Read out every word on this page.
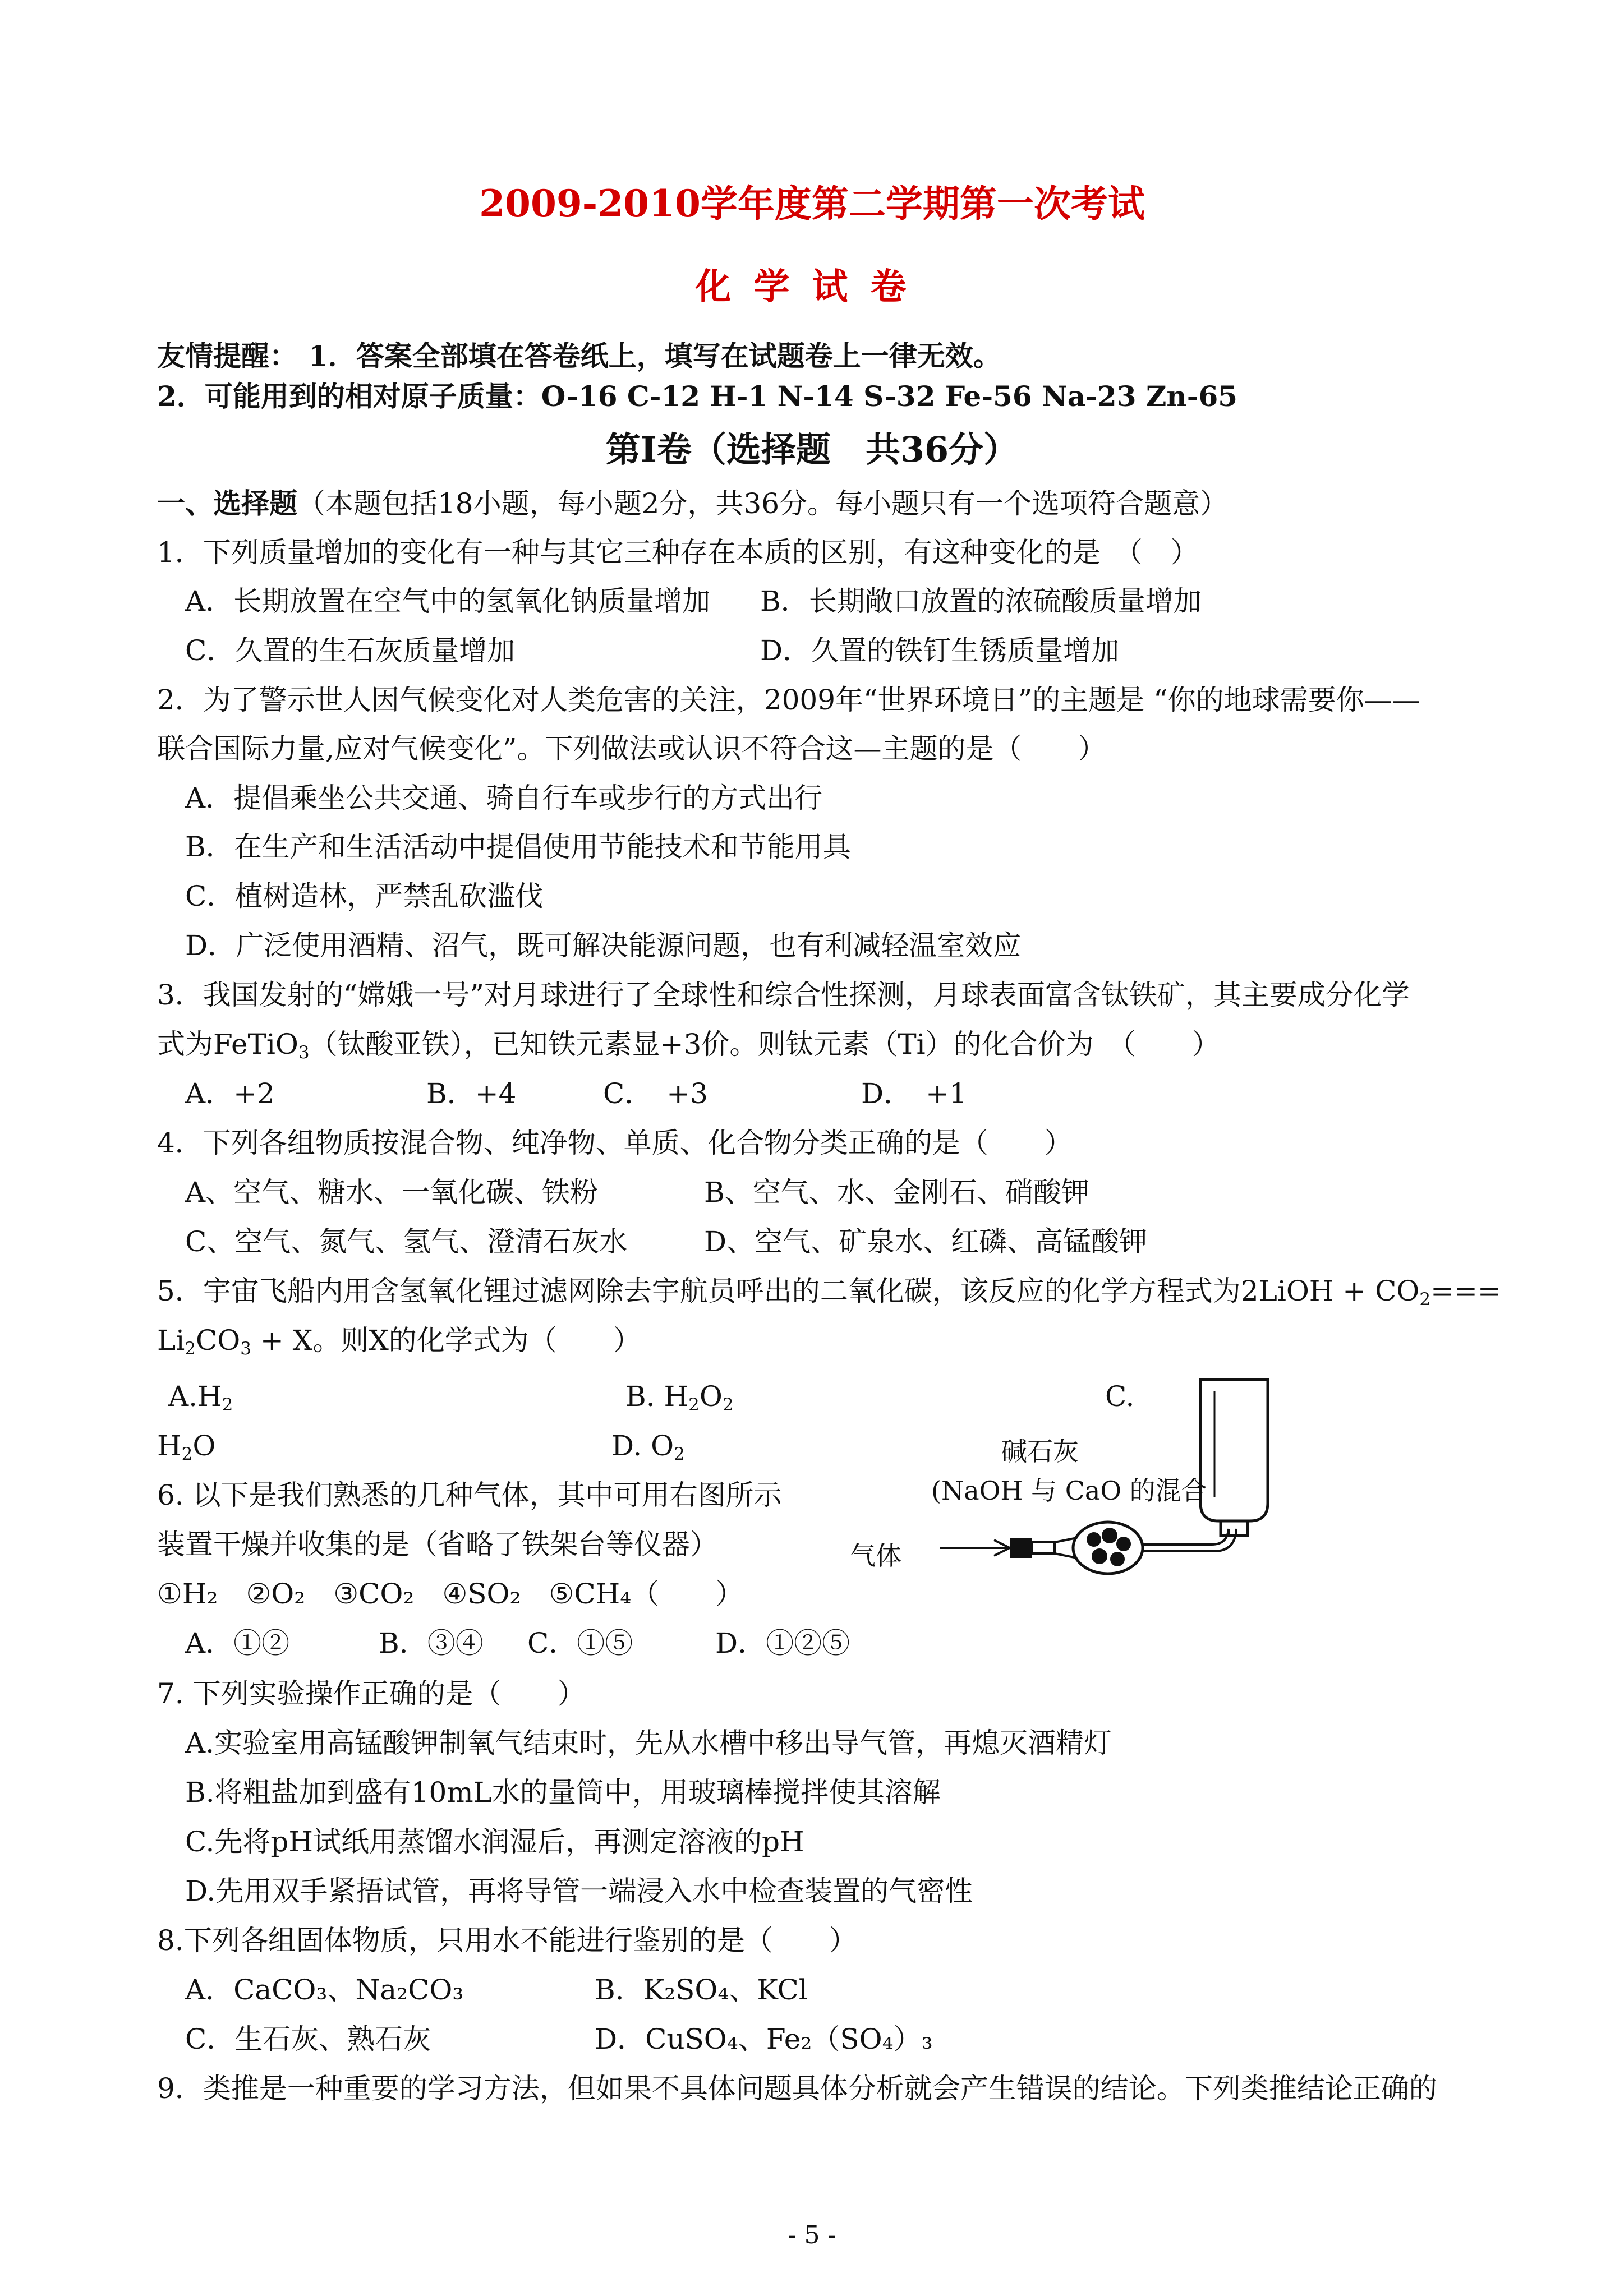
2009-2010学年度第二学期第一次考试
化学试卷
友情提醒： 1．答案全部填在答卷纸上，填写在试题卷上一律无效。
2．可能用到的相对原子质量：O-16 C-12 H-1 N-14 S-32 Fe-56 Na-23 Zn-65
第Ⅰ卷（选择题　共36分）
一、选择题（本题包括18小题，每小题2分，共36分。每小题只有一个选项符合题意）
1．下列质量增加的变化有一种与其它三种存在本质的区别，有这种变化的是　（　）
A．长期放置在空气中的氢氧化钠质量增加 B．长期敞口放置的浓硫酸质量增加
C．久置的生石灰质量增加	D．久置的铁钉生锈质量增加
2．为了警示世人因气候变化对人类危害的关注，2009年“世界环境日”的主题是 “你的地球需要你——
联合国际力量,应对气候变化”。下列做法或认识不符合这—主题的是（　　）
A．提倡乘坐公共交通、骑自行车或步行的方式出行
B．在生产和生活活动中提倡使用节能技术和节能用具
C．植树造林，严禁乱砍滥伐
D．广泛使用酒精、沼气，既可解决能源问题，也有利减轻温室效应
3．我国发射的“嫦娥一号”对月球进行了全球性和综合性探测，月球表面富含钛铁矿，其主要成分化学
式为FeTiO$_3$（钛酸亚铁），已知铁元素显+3价。则钛元素（Ti）的化合价为　（　　）
A．+2	B．+4	C．　+3	D．　+1
4．下列各组物质按混合物、纯净物、单质、化合物分类正确的是（　　）
A、空气、糖水、一氧化碳、铁粉	B、空气、水、金刚石、硝酸钾
C、空气、氮气、氢气、澄清石灰水	D、空气、矿泉水、红磷、高锰酸钾
5．宇宙飞船内用含氢氧化锂过滤网除去宇航员呼出的二氧化碳，该反应的化学方程式为2LiOH + $CO_2===$
$Li_2CO_3 + X$。则X的化学式为（　　）
$A.H_2$	B. $H_2O_2$	C.
$H_2O$	D. $O_2$
6. 以下是我们熟悉的几种气体，其中可用右图所示
装置干燥并收集的是（省略了铁架台等仪器）
①H₂　②O₂　③CO₂　④SO₂　⑤CH₄（　　）
A．①②	B．③④ C．①⑤	D．①②⑤
碱石灰
(NaOH 与 CaO 的混合
气体
7. 下列实验操作正确的是（　　）
A.实验室用高锰酸钾制氧气结束时，先从水槽中移出导气管，再熄灭酒精灯
B.将粗盐加到盛有10mL水的量筒中，用玻璃棒搅拌使其溶解
C.先将pH试纸用蒸馏水润湿后，再测定溶液的pH
D.先用双手紧捂试管，再将导管一端浸入水中检查装置的气密性
8.下列各组固体物质，只用水不能进行鉴别的是（　　）
A．CaCO₃、Na₂CO₃	B．K₂SO₄、KCl
C．生石灰、熟石灰	D．CuSO₄、Fe₂（SO₄）₃
9．类推是一种重要的学习方法，但如果不具体问题具体分析就会产生错误的结论。下列类推结论正确的
- 5 -
